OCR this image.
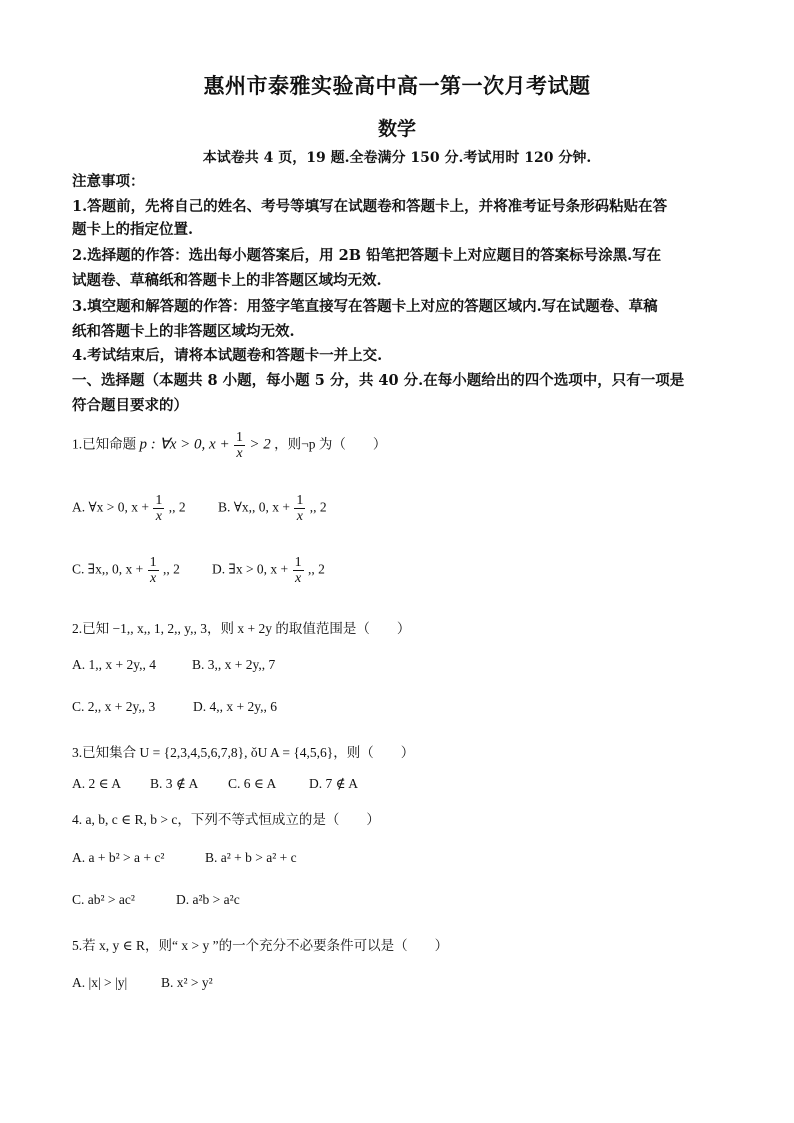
惠州市泰雅实验高中高一第一次月考试题
数学
本试卷共 4 页，19 题.全卷满分 150 分.考试用时 120 分钟.
注意事项：
1.答题前，先将自己的姓名、考号等填写在试题卷和答题卡上，并将准考证号条形码粘贴在答
题卡上的指定位置.
2.选择题的作答：选出每小题答案后，用 2B 铅笔把答题卡上对应题目的答案标号涂黑.写在
试题卷、草稿纸和答题卡上的非答题区域均无效.
3.填空题和解答题的作答：用签字笔直接写在答题卡上对应的答题区域内.写在试题卷、草稿
纸和答题卡上的非答题区域均无效.
4.考试结束后，请将本试题卷和答题卡一并上交.
一、选择题（本题共 8 小题，每小题 5 分，共 40 分.在每小题给出的四个选项中，只有一项是
符合题目要求的）
1.已知命题 p : ∀x > 0, $x + \frac{1}{x} > 2$ ，则¬p 为（　　）
A. ∀x > 0, $x + \frac{1}{x}$ ,, 2 B. ∀x,, 0, $x + \frac{1}{x}$ ,, 2
C. ∃x,, 0, $x + \frac{1}{x}$ ,, 2 D. ∃x > 0, $x + \frac{1}{x}$ ,, 2
2.已知 −1,, x,, 1, 2,, y,, 3，则 x + 2y 的取值范围是（　　）
A. 1,, x + 2y,, 4	B. 3,, x + 2y,, 7
C. 2,, x + 2y,, 3	D. 4,, x + 2y,, 6
3.已知集合 U = {2,3,4,5,6,7,8}, ǒU A = {4,5,6}，则（　　）
A. 2 ∈ A B. 3 ∉ A C. 6 ∈ A D. 7 ∉ A
4. a, b, c ∈ R, b > c，下列不等式恒成立的是（　　）
A. a + b² > a + c²	B. a² + b > a² + c
C. ab² > ac²	D. a²b > a²c
5.若 x, y ∈ R，则“ x > y ”的一个充分不必要条件可以是（　　）
A. |x| > |y|	B. x² > y²
